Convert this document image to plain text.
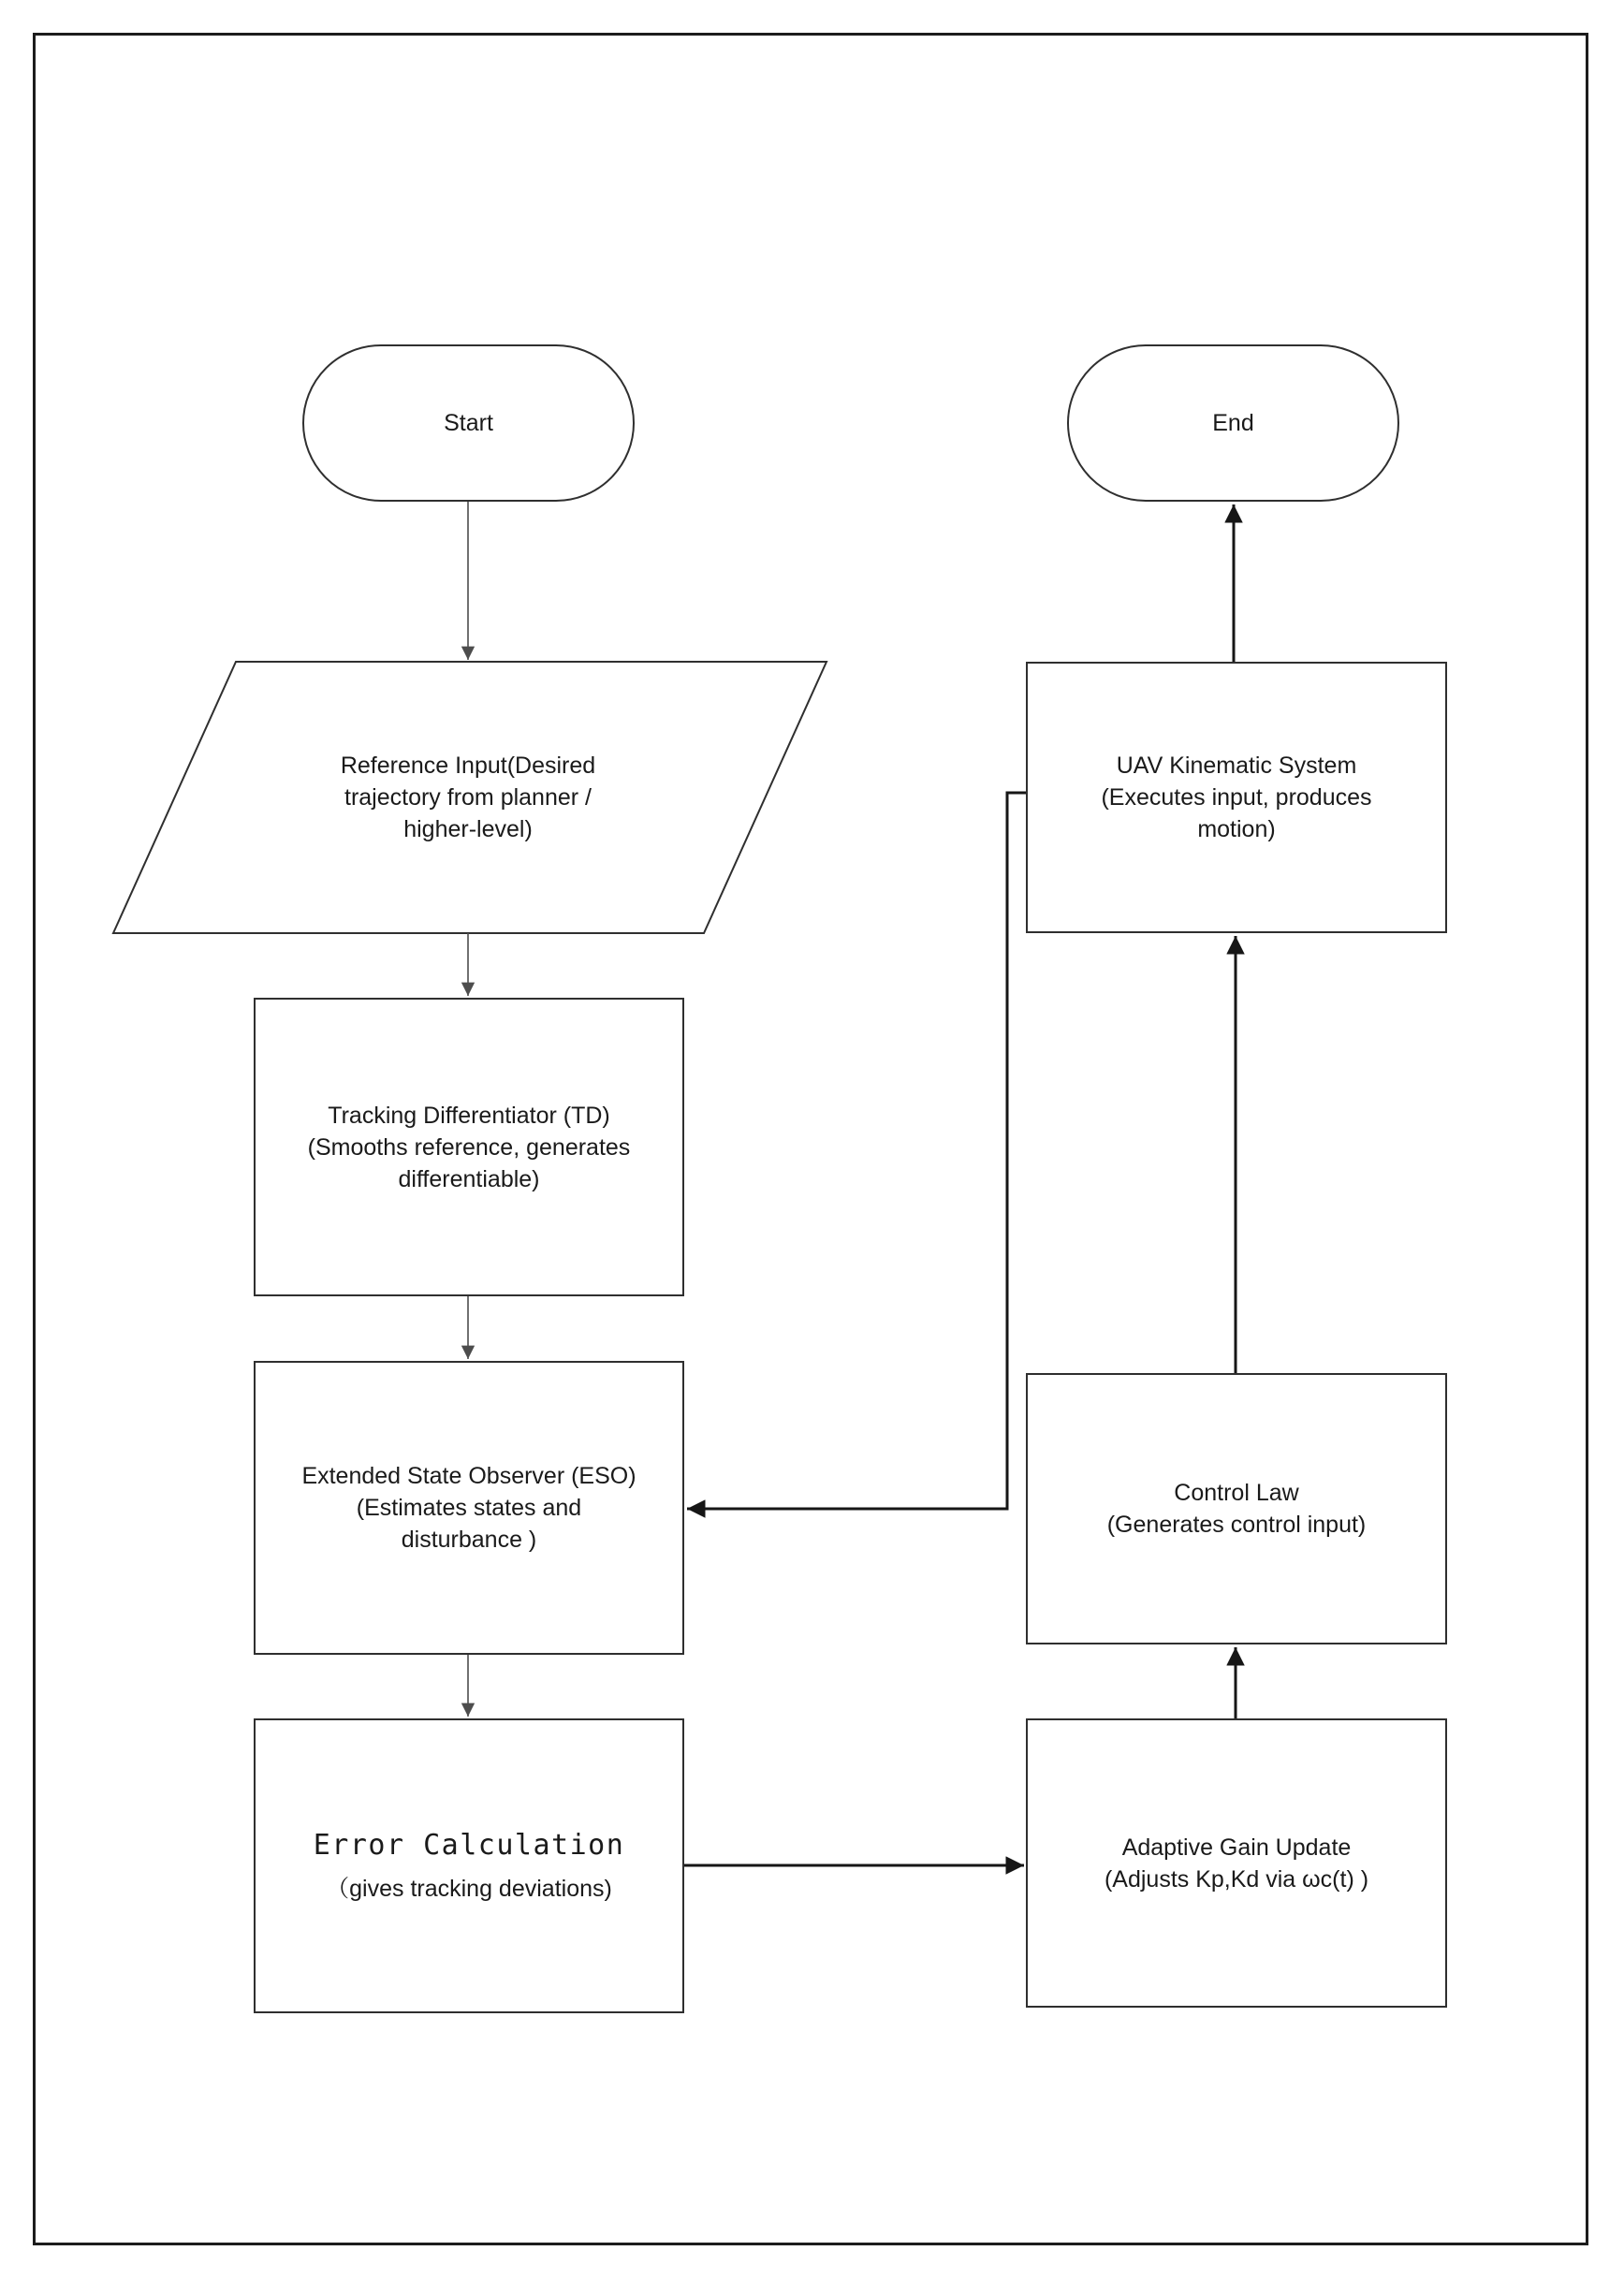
Start	End
Reference Input(Desired
trajectory from planner /
higher-level)
Tracking Differentiator (TD)
(Smooths reference, generates
differentiable)
Extended State Observer (ESO)
(Estimates states and
disturbance )
Error Calculation
（gives tracking deviations)
UAV Kinematic System
(Executes input, produces
motion)
Control Law
(Generates control input)
Adaptive Gain Update
(Adjusts Kp,Kd via ωc(t) )
